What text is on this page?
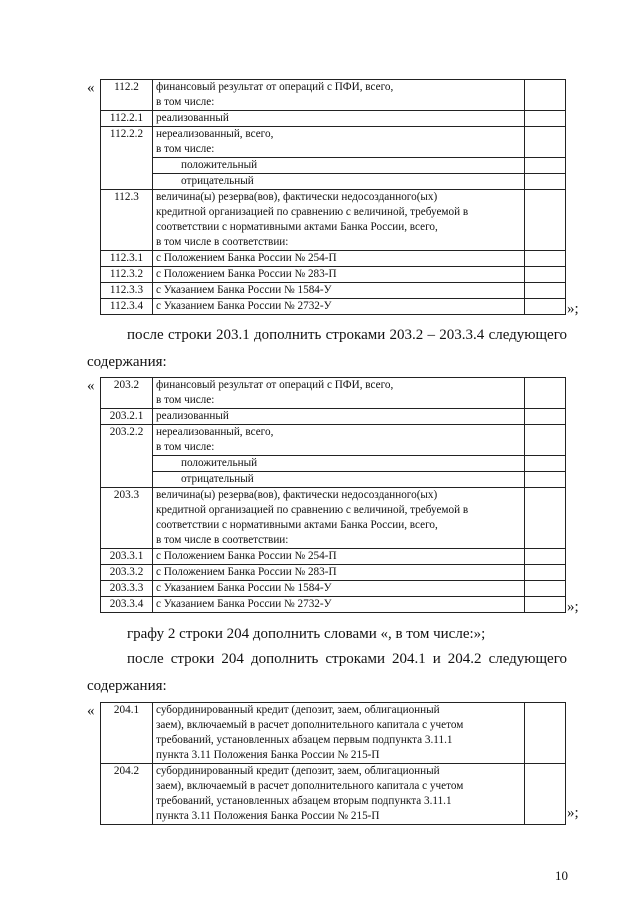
« 112.2	финансовый результат от операций с ПФИ, всего,
в том числе:	

112.2.1	реализованный	

112.2.2	нереализованный, всего,
в том числе:	

	положительный	

	отрицательный	

112.3	величина(ы) резерва(вов), фактически недосозданного(ых)
кредитной организацией по сравнению с величиной, требуемой в
соответствии с нормативными актами Банка России, всего,
в том числе в соответствии:	

112.3.1	с Положением Банка России № 254-П	

112.3.2	с Положением Банка России № 283-П	

112.3.3	с Указанием Банка России № 1584-У	

112.3.4	с Указанием Банка России № 2732-У	
		»;

после строки 203.1 дополнить строками 203.2 – 203.3.4 следующего

содержания:

« 203.2	финансовый результат от операций с ПФИ, всего,
в том числе:	

203.2.1	реализованный	

203.2.2	нереализованный, всего,
в том числе:	

	положительный	

	отрицательный	

203.3	величина(ы) резерва(вов), фактически недосозданного(ых)
кредитной организацией по сравнению с величиной, требуемой в
соответствии с нормативными актами Банка России, всего,
в том числе в соответствии:	

203.3.1	с Положением Банка России № 254-П	

203.3.2	с Положением Банка России № 283-П	

203.3.3	с Указанием Банка России № 1584-У	

203.3.4	с Указанием Банка России № 2732-У	
		»;

графу 2 строки 204 дополнить словами «, в том числе:»;

после строки 204 дополнить строками 204.1 и 204.2 следующего

содержания:

« 204.1	субординированный кредит (депозит, заем, облигационный
заем), включаемый в расчет дополнительного капитала с учетом
требований, установленных абзацем первым подпункта 3.11.1
пункта 3.11 Положения Банка России № 215-П	

204.2	субординированный кредит (депозит, заем, облигационный
заем), включаемый в расчет дополнительного капитала с учетом
требований, установленных абзацем вторым подпункта 3.11.1
пункта 3.11 Положения Банка России № 215-П	
		»;
10
